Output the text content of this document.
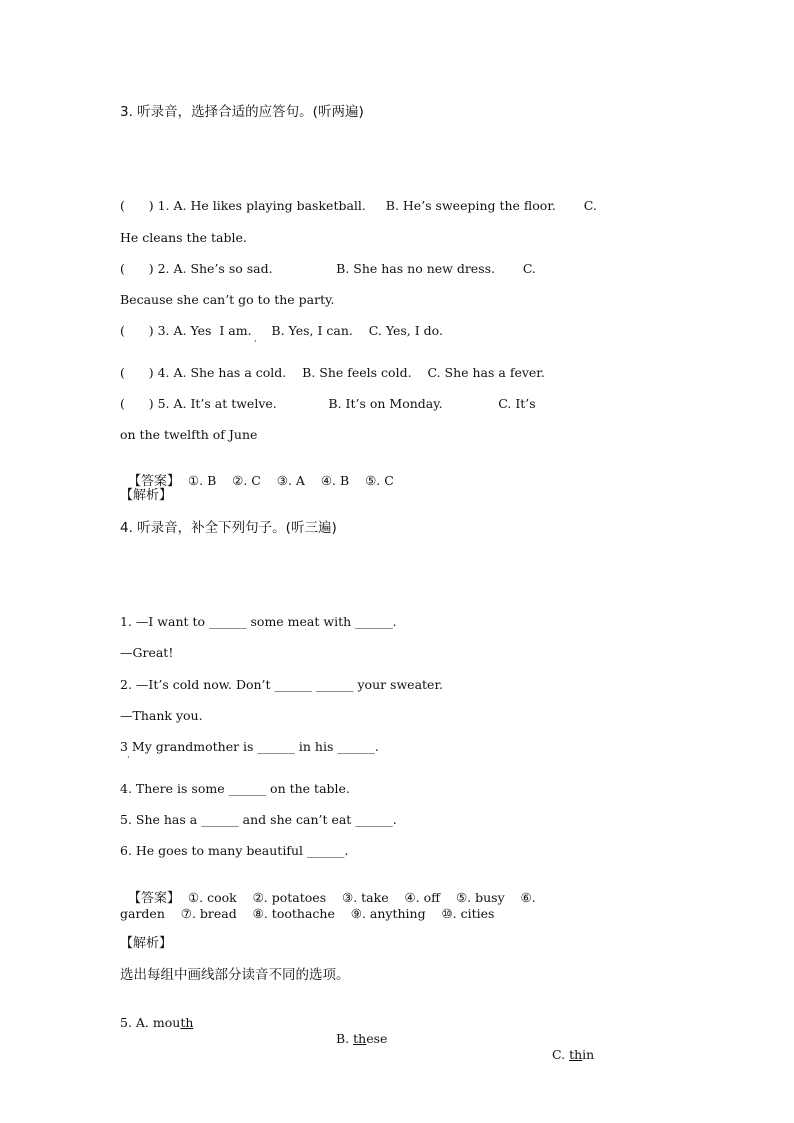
3. 听录音，选择合适的应答句。(听两遍)
(      ) 1. A. He likes playing basketball.     B. He’s sweeping the floor.       C.
He cleans the table.
(      ) 2. A. She’s so sad.                B. She has no new dress.       C.
Because she can’t go to the party.
(      ) 3. A. Yes  I am.     B. Yes, I can.    C. Yes, I do.
ˈ
(      ) 4. A. She has a cold.    B. She feels cold.    C. She has a fever.
(      ) 5. A. It’s at twelve.             B. It’s on Monday.              C. It’s
on the twelfth of June

【答案】  ①. B    ②. C    ③. A    ④. B    ⑤. C

【解析】
4. 听录音，补全下列句子。(听三遍)
1. —I want to ______ some meat with ______.
—Great!
2. —It’s cold now. Don’t ______ ______ your sweater.
—Thank you.
3 My grandmother is ______ in his ______.
ˈ
4. There is some ______ on the table.
5. She has a ______ and she can’t eat ______.
6. He goes to many beautiful ______.

【答案】  ①. cook    ②. potatoes    ③. take    ④. off    ⑤. busy    ⑥.

garden    ⑦. bread    ⑧. toothache    ⑨. anything    ⑩. cities
【解析】
选出每组中画线部分读音不同的选项。

5. A. mouth

B. these

C. thin
